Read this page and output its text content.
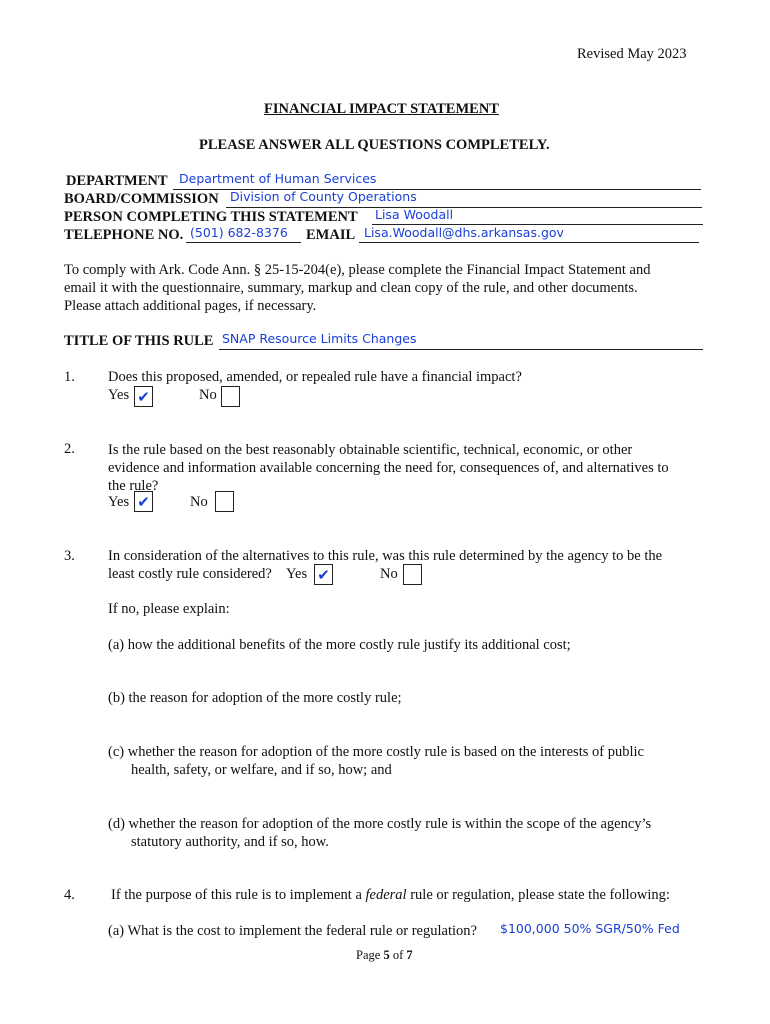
Revised May 2023
FINANCIAL IMPACT STATEMENT
PLEASE ANSWER ALL QUESTIONS COMPLETELY.
DEPARTMENT Department of Human Services
BOARD/COMMISSION Division of County Operations
PERSON COMPLETING THIS STATEMENT Lisa Woodall
TELEPHONE NO. (501) 682-8376 EMAIL Lisa.Woodall@dhs.arkansas.gov
To comply with Ark. Code Ann. § 25-15-204(e), please complete the Financial Impact Statement and
email it with the questionnaire, summary, markup and clean copy of the rule, and other documents.
Please attach additional pages, if necessary.
TITLE OF THIS RULE SNAP Resource Limits Changes
1. Does this proposed, amended, or repealed rule have a financial impact?
Yes ✔	No
2. Is the rule based on the best reasonably obtainable scientific, technical, economic, or other
evidence and information available concerning the need for, consequences of, and alternatives to
the rule?
Yes ✔	No
3. In consideration of the alternatives to this rule, was this rule determined by the agency to be the
least costly rule considered? Yes ✔	No
If no, please explain:
(a) how the additional benefits of the more costly rule justify its additional cost;
(b) the reason for adoption of the more costly rule;
(c) whether the reason for adoption of the more costly rule is based on the interests of public
health, safety, or welfare, and if so, how; and
(d) whether the reason for adoption of the more costly rule is within the scope of the agency’s
statutory authority, and if so, how.
4. If the purpose of this rule is to implement a federal rule or regulation, please state the following:
(a) What is the cost to implement the federal rule or regulation? $100,000 50% SGR/50% Fed
Page 5 of 7
